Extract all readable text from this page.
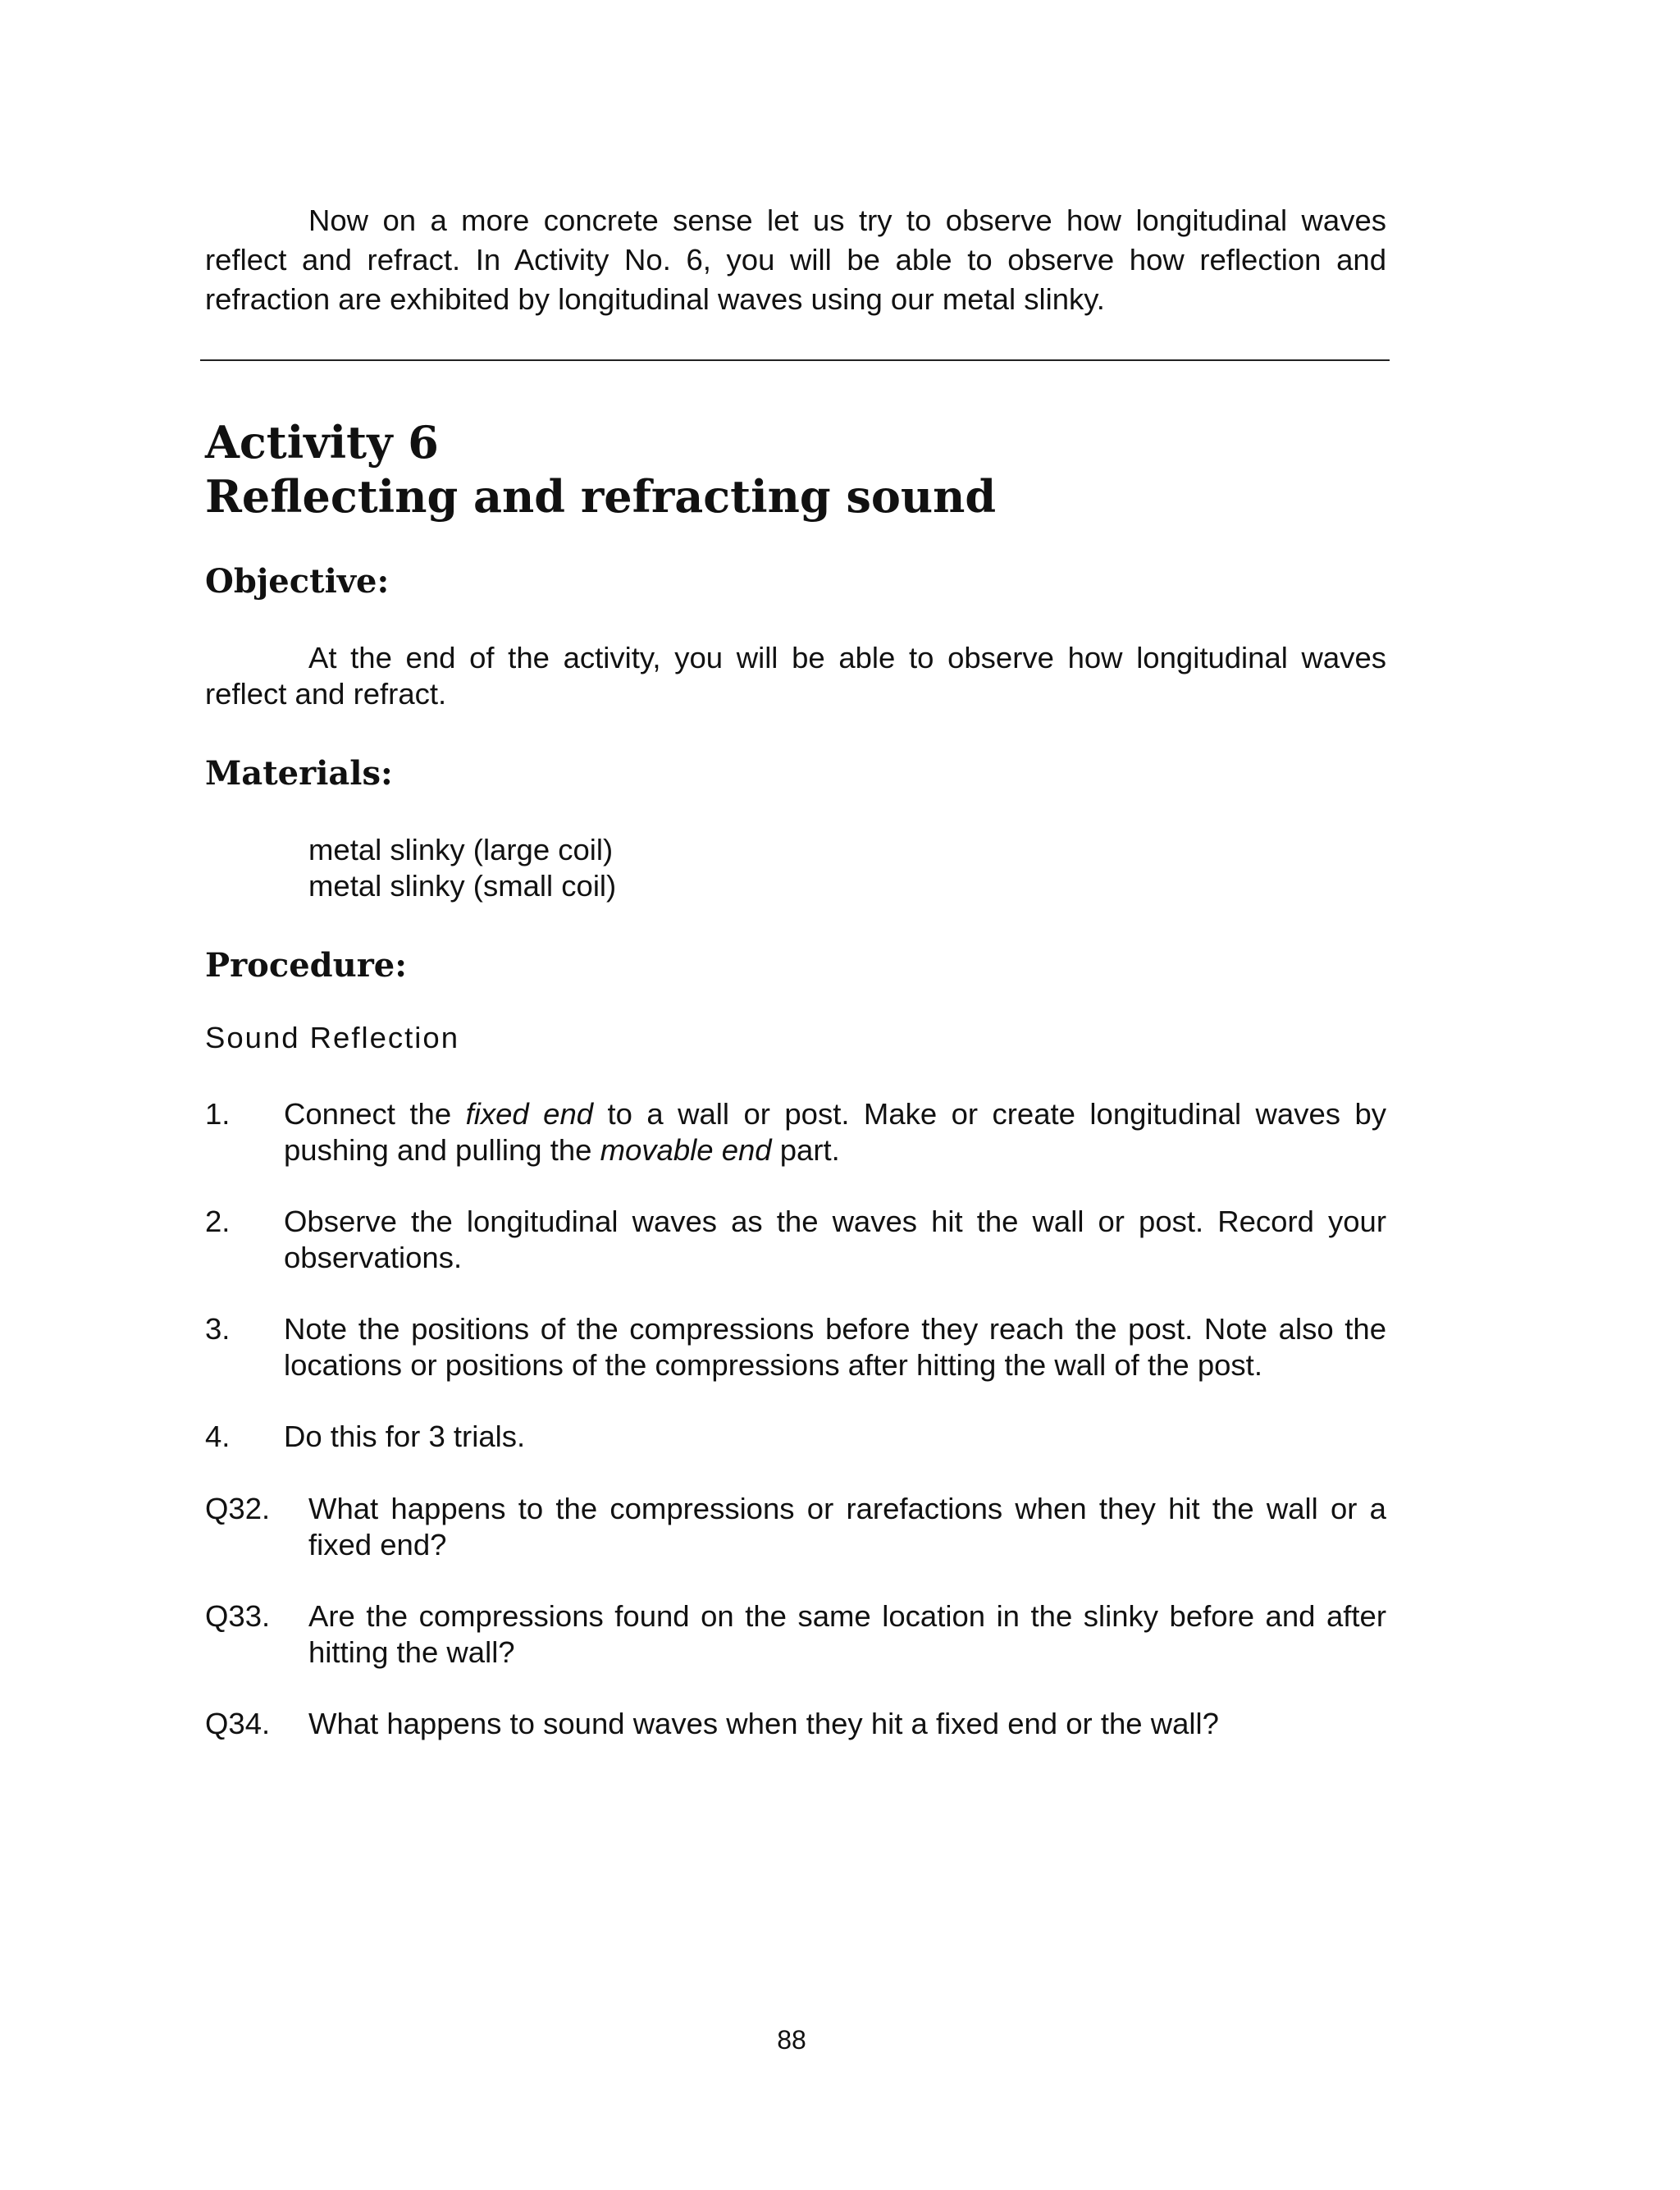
Now on a more concrete sense let us try to observe how longitudinal waves reflect and refract. In Activity No. 6, you will be able to observe how reflection and refraction are exhibited by longitudinal waves using our metal slinky.

Activity 6
Reflecting and refracting sound
Objective:

At the end of the activity, you will be able to observe how longitudinal waves reflect and refract.

Materials:
metal slinky (large coil)
metal slinky (small coil)
Procedure:
Sound Reflection
1. Connect the fixed end to a wall or post. Make or create longitudinal waves by pushing and pulling the movable end part.
2. Observe the longitudinal waves as the waves hit the wall or post. Record your observations.
3. Note the positions of the compressions before they reach the post. Note also the locations or positions of the compressions after hitting the wall of the post.
4. Do this for 3 trials.
Q32. What happens to the compressions or rarefactions when they hit the wall or a fixed end?
Q33. Are the compressions found on the same location in the slinky before and after hitting the wall?
Q34. What happens to sound waves when they hit a fixed end or the wall?
88
